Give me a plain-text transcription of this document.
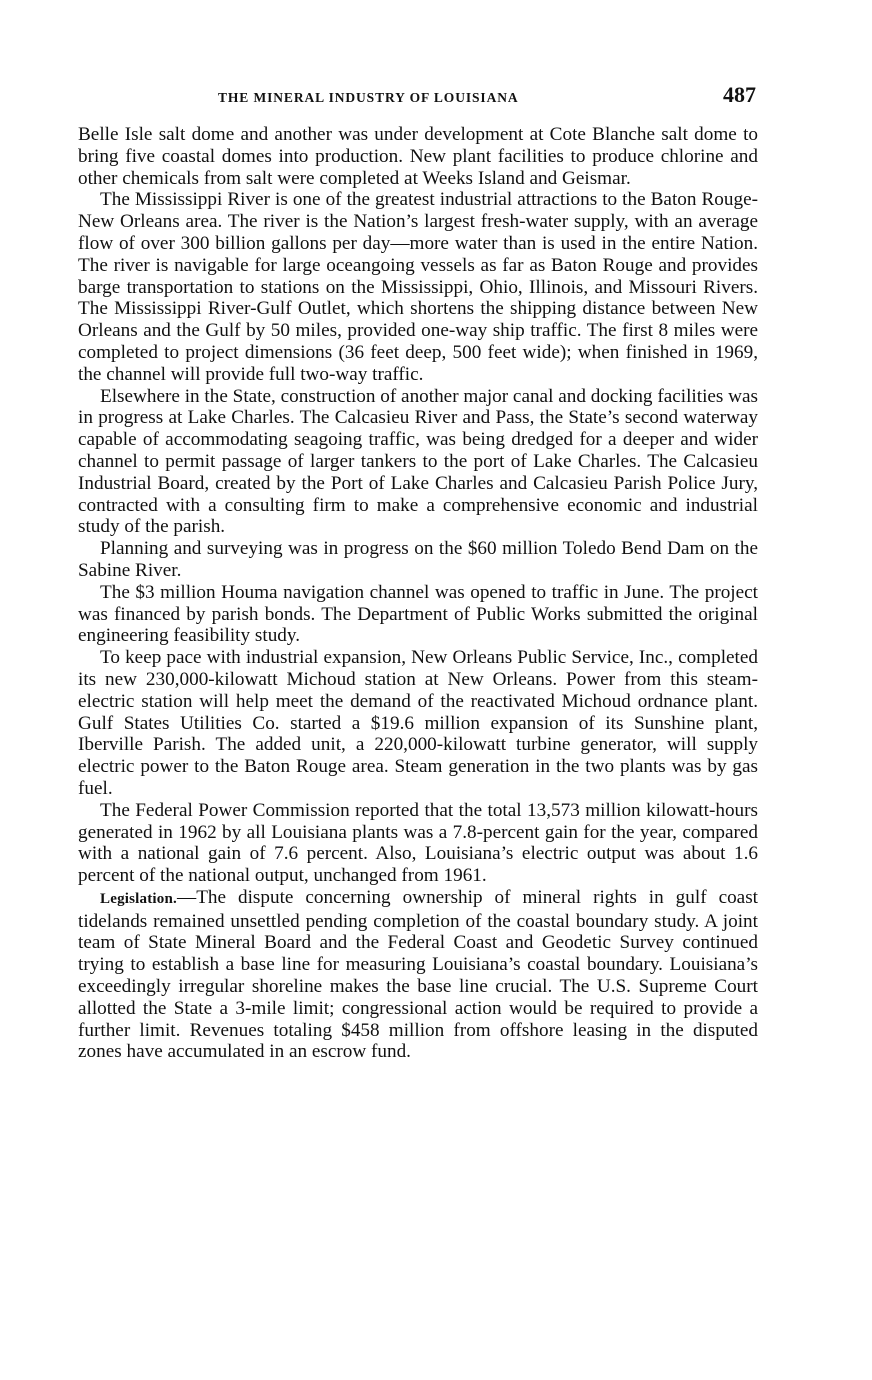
THE MINERAL INDUSTRY OF LOUISIANA	487

Belle Isle salt dome and another was under development at Cote Blanche salt dome to bring five coastal domes into production. New plant facilities to produce chlorine and other chemicals from salt were completed at Weeks Island and Geismar.

The Mississippi River is one of the greatest industrial attractions to the Baton Rouge-New Orleans area. The river is the Nation’s largest fresh-water supply, with an average flow of over 300 billion gallons per day—more water than is used in the entire Nation. The river is navigable for large oceangoing vessels as far as Baton Rouge and provides barge transportation to stations on the Mississippi, Ohio, Illinois, and Missouri Rivers. The Mississippi River-Gulf Outlet, which shortens the shipping distance between New Orleans and the Gulf by 50 miles, provided one-way ship traffic. The first 8 miles were completed to project dimensions (36 feet deep, 500 feet wide); when finished in 1969, the channel will provide full two-way traffic.

Elsewhere in the State, construction of another major canal and docking facilities was in progress at Lake Charles. The Calcasieu River and Pass, the State’s second waterway capable of accommodating seagoing traffic, was being dredged for a deeper and wider channel to permit passage of larger tankers to the port of Lake Charles. The Calcasieu Industrial Board, created by the Port of Lake Charles and Calcasieu Parish Police Jury, contracted with a consulting firm to make a comprehensive economic and industrial study of the parish.

Planning and surveying was in progress on the $60 million Toledo Bend Dam on the Sabine River.

The $3 million Houma navigation channel was opened to traffic in June. The project was financed by parish bonds. The Department of Public Works submitted the original engineering feasibility study.

To keep pace with industrial expansion, New Orleans Public Service, Inc., completed its new 230,000-kilowatt Michoud station at New Orleans. Power from this steam-electric station will help meet the demand of the reactivated Michoud ordnance plant. Gulf States Utilities Co. started a $19.6 million expansion of its Sunshine plant, Iberville Parish. The added unit, a 220,000-kilowatt turbine generator, will supply electric power to the Baton Rouge area. Steam generation in the two plants was by gas fuel.

The Federal Power Commission reported that the total 13,573 million kilowatt-hours generated in 1962 by all Louisiana plants was a 7.8-percent gain for the year, compared with a national gain of 7.6 percent. Also, Louisiana’s electric output was about 1.6 percent of the national output, unchanged from 1961.

Legislation.—The dispute concerning ownership of mineral rights in gulf coast tidelands remained unsettled pending completion of the coastal boundary study. A joint team of State Mineral Board and the Federal Coast and Geodetic Survey continued trying to establish a base line for measuring Louisiana’s coastal boundary. Louisiana’s exceedingly irregular shoreline makes the base line crucial. The U.S. Supreme Court allotted the State a 3-mile limit; congressional action would be required to provide a further limit. Revenues totaling $458 million from offshore leasing in the disputed zones have accumulated in an escrow fund.
